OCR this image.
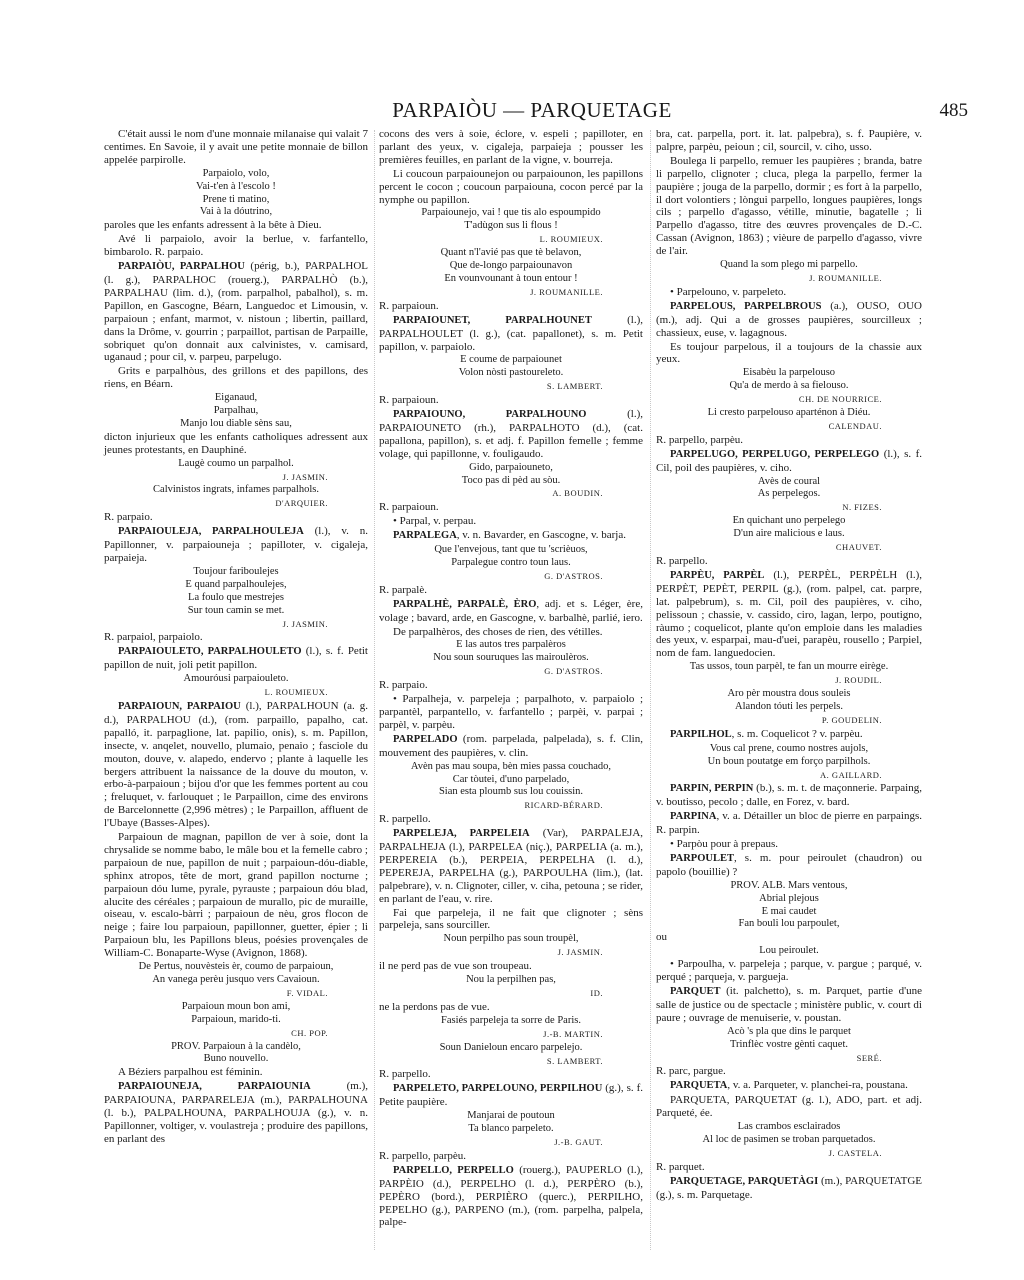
PARPAIÒU — PARQUETAGE	485
C'était aussi le nom d'une monnaie milanaise qui valait 7 centimes. En Savoie, il y avait une petite monnaie de billon appelée parpirolle.
Parpaiolo, volo,
Vai-t'en à l'escolo !
Prene ti matino,
Vai à la dóutrino,
paroles que les enfants adressent à la bête à Dieu.
Avé li parpaiolo, avoir la berlue, v. farfantello, bimbarolo. R. parpaio.
PARPAIÒU, PARPALHOU (périg, b.), PARPALHOL (l. g.), PARPALHOC (rouerg.), PARPALHÒ (b.), PARPALHAU (lim. d.), (rom. parpalhol, pabalhol), s. m. Papillon, en Gascogne, Béarn, Languedoc et Limousin, v. parpaioun ; enfant, marmot, v. nistoun ; libertin, paillard, dans la Drôme, v. gourrin ; parpaillot, partisan de Parpaille, sobriquet qu'on donnait aux calvinistes, v. camisard, uganaud ; pour cil, v. parpeu, parpelugo.
Grits e parpalhòus, des grillons et des papillons, des riens, en Béarn.
Eiganaud,
Parpalhau,
Manjo lou diable sèns sau,
dicton injurieux que les enfants catholiques adressent aux jeunes protestants, en Dauphiné.
Laugè coumo un parpalhol.
J. JASMIN.
Calvinistos ingrats, infames parpalhols.
D'ARQUIER.
R. parpaio.
PARPAIOULEJA, PARPALHOULEJA (l.), v. n. Papillonner, v. parpaiouneja ; papilloter, v. cigaleja, parpaieja.
Toujour fariboulejes
E quand parpalhoulejes,
La foulo que mestrejes
Sur toun camin se met.
J. JASMIN.
R. parpaiol, parpaiolo.
PARPAIOULETO, PARPALHOULETO (l.), s. f. Petit papillon de nuit, joli petit papillon.
Amouróusi parpaiouleto.
L. ROUMIEUX.
PARPAIOUN, PARPAIOU (l.), PARPALHOUN (a. g. d.), PARPALHOU (d.), (rom. parpaillo, papalho, cat. papalló, it. parpaglione, lat. papilio, onis), s. m. Papillon, insecte, v. anqelet, nouvello, plumaio, penaio ; fasciole du mouton, douve, v. alapedo, endervo ; plante à laquelle les bergers attribuent la naissance de la douve du mouton, v. erbo-à-parpaioun ; bijou d'or que les femmes portent au cou ; freluquet, v. farlouquet ; le Parpaillon, cime des environs de Barcelonnette (2,996 mètres) ; le Parpaillon, affluent de l'Ubaye (Basses-Alpes).
Parpaioun de magnan, papillon de ver à soie, dont la chrysalide se nomme babo, le mâle bou et la femelle cabro ; parpaioun de nue, papillon de nuit ; parpaioun-dóu-diable, sphinx atropos, tête de mort, grand papillon nocturne ; parpaioun dóu lume, pyrale, pyrauste ; parpaioun dóu blad, alucite des céréales ; parpaioun de murallo, pic de muraille, oiseau, v. escalo-bàrri ; parpaioun de nèu, gros flocon de neige ; faire lou parpaioun, papillonner, guetter, épier ; li Parpaioun blu, les Papillons bleus, poésies provençales de William-C. Bonaparte-Wyse (Avignon, 1868).
De Pertus, nouvèsteis èr, coumo de parpaioun,
An vanega perèu jusquo vers Cavaioun.
F. VIDAL.
Parpaioun moun bon ami,
Parpaioun, marido-ti.
CH. POP.
PROV. Parpaioun à la candèlo,
Buno nouvello.
A Béziers parpalhou est féminin.
PARPAIOUNEJA, PARPAIOUNIA (m.), PARPAIOUNA, PARPARELEJA (m.), PARPALHOUNA (l. b.), PALPALHOUNA, PARPALHOUJA (g.), v. n. Papillonner, voltiger, v. voulastreja ; produire des papillons, en parlant des
cocons des vers à soie, éclore, v. espeli ; papilloter, en parlant des yeux, v. cigaleja, parpaieja ; pousser les premières feuilles, en parlant de la vigne, v. bourreja.
Li coucoun parpaiounejon ou parpaiounon, les papillons percent le cocon ; coucoun parpaiouna, cocon percé par la nymphe ou papillon.
Parpaiounejo, vai ! que tis alo espoumpido
T'adùgon sus li flous !
L. ROUMIEUX.
Quant n'l'avié pas que tè belavon,
Que de-longo parpaiounavon
En vounvounant à toun entour !
J. ROUMANILLE.
R. parpaioun.
PARPAIOUNET, PARPALHOUNET (l.), PARPALHOULET (l. g.), (cat. papallonet), s. m. Petit papillon, v. parpaiolo.
E coume de parpaiounet
Volon nòsti pastoureleto.
S. LAMBERT.
R. parpaioun.
PARPAIOUNO, PARPALHOUNO (l.), PARPAIOUNETO (rh.), PARPALHOTO (d.), (cat. papallona, papillon), s. et adj. f. Papillon femelle ; femme volage, qui papillonne, v. fouligaudo.
Gido, parpaiouneto,
Toco pas di pèd au sòu.
A. BOUDIN.
R. parpaioun.
• Parpal, v. perpau.
PARPALEGA, v. n. Bavarder, en Gascogne, v. barja.
Que l'envejous, tant que tu 'scrièuos,
Parpalegue contro toun laus.
G. D'ASTROS.
R. parpalè.
PARPALHÈ, PARPALÈ, ÈRO, adj. et s. Léger, ère, volage ; bavard, arde, en Gascogne, v. barbalhè, parlié, iero.
De parpalhèros, des choses de rien, des vétilles.
E las autos tres parpalèros
Nou soun souruques las mairoulèros.
G. D'ASTROS.
R. parpaio.
• Parpalheja, v. parpeleja ; parpalhoto, v. parpaiolo ; parpantèl, parpantello, v. farfantello ; parpèi, v. parpai ; parpèl, v. parpèu.
PARPELADO (rom. parpelada, palpelada), s. f. Clin, mouvement des paupières, v. clin.
Avèn pas mau soupa, bèn mies passa couchado,
Car tòutei, d'uno parpelado,
Sian esta ploumb sus lou couissin.
RICARD-BÉRARD.
R. parpello.
PARPELEJA, PARPELEIA (Var), PARPALEJA, PARPALHEJA (l.), PARPELEA (niç.), PARPELIA (a. m.), PERPEREIA (b.), PERPEIA, PERPELHA (l. d.), PEPEREJA, PARPELHA (g.), PARPOULHA (lim.), (lat. palpebrare), v. n. Clignoter, ciller, v. ciha, petouna ; se rider, en parlant de l'eau, v. rire.
Fai que parpeleja, il ne fait que clignoter ; sèns parpeleja, sans sourciller.
Noun perpilho pas soun troupèl,
J. JASMIN.
il ne perd pas de vue son troupeau.
Nou la perpilhen pas,
ID.
ne la perdons pas de vue.
Fasiés parpeleja ta sorre de Paris.
J.-B. MARTIN.
Soun Danieloun encaro parpelejo.
S. LAMBERT.
R. parpello.
PARPELETO, PARPELOUNO, PERPILHOU (g.), s. f. Petite paupière.
Manjarai de poutoun
Ta blanco parpeleto.
J.-B. GAUT.
R. parpello, parpèu.
PARPELLO, PERPELLO (rouerg.), PAUPERLO (l.), PARPÈIO (d.), PERPELHO (l. d.), PERPÈRO (b.), PEPÈRO (bord.), PERPIÈRO (querc.), PERPILHO, PEPELHO (g.), PARPENO (m.), (rom. parpelha, palpela, palpe-
bra, cat. parpella, port. it. lat. palpebra), s. f. Paupière, v. palpre, parpèu, peioun ; cil, sourcil, v. ciho, usso.
Boulega li parpello, remuer les paupières ; branda, batre li parpello, clignoter ; cluca, plega la parpello, fermer la paupière ; jouga de la parpello, dormir ; es fort à la parpello, il dort volontiers ; lòngui parpello, longues paupières, longs cils ; parpello d'agasso, vétille, minutie, bagatelle ; li Parpello d'agasso, titre des œuvres provençales de D.-C. Cassan (Avignon, 1863) ; vièure de parpello d'agasso, vivre de l'air.
Quand la som plego mi parpello.
J. ROUMANILLE.
• Parpelouno, v. parpeleto.
PARPELOUS, PARPELBROUS (a.), OUSO, OUO (m.), adj. Qui a de grosses paupières, sourcilleux ; chassieux, euse, v. lagagnous.
Es toujour parpelous, il a toujours de la chassie aux yeux.
Eisabèu la parpelouso
Qu'a de merdo à sa fielouso.
CH. DE NOURRICE.
Li cresto parpelouso aparténon à Diéu.
CALENDAU.
R. parpello, parpèu.
PARPELUGO, PERPELUGO, PERPELEGO (l.), s. f. Cil, poil des paupières, v. ciho.
Avès de coural
As perpelegos.
N. FIZES.
En quichant uno perpelego
D'un aire malicious e laus.
CHAUVET.
R. parpello.
PARPÈU, PARPÈL (l.), PERPÈL, PERPÈLH (l.), PERPÈT, PEPÈT, PERPIL (g.), (rom. palpel, cat. parpre, lat. palpebrum), s. m. Cil, poil des paupières, v. ciho, pelissoun ; chassie, v. cassido, ciro, lagan, lerpo, poutigno, ràumo ; coquelicot, plante qu'on emploie dans les maladies des yeux, v. esparpai, mau-d'uei, parapèu, rousello ; Parpiel, nom de fam. languedocien.
Tas ussos, toun parpèl, te fan un mourre eirège.
J. ROUDIL.
Aro pèr moustra dous souleis
Alandon tóuti les perpels.
P. GOUDELIN.
PARPILHOL, s. m. Coquelicot ? v. parpèu.
Vous cal prene, coumo nostres aujols,
Un boun poutatge em forço parpilhols.
A. GAILLARD.
PARPIN, PERPIN (b.), s. m. t. de maçonnerie. Parpaing, v. boutisso, pecolo ; dalle, en Forez, v. bard.
PARPINA, v. a. Détailler un bloc de pierre en parpaings. R. parpin.
• Parpòu pour à prepaus.
PARPOULET, s. m. pour peiroulet (chaudron) ou papolo (bouillie) ?
PROV. ALB. Mars ventous,
Abrial plejous
E mai caudet
Fan bouli lou parpoulet,
ou
Lou peiroulet.
• Parpoulha, v. parpeleja ; parque, v. pargue ; parqué, v. perqué ; parqueja, v. pargueja.
PARQUET (it. palchetto), s. m. Parquet, partie d'une salle de justice ou de spectacle ; ministère public, v. court di paure ; ouvrage de menuiserie, v. poustan.
Acò 's pla que dins le parquet
Trinflèc vostre gènti caquet.
SERÉ.
R. parc, pargue.
PARQUETA, v. a. Parqueter, v. planchei-ra, poustana.
PARQUETA, PARQUETAT (g. l.), ADO, part. et adj. Parqueté, ée.
Las crambos esclairados
Al loc de pasimen se troban parquetados.
J. CASTELA.
R. parquet.
PARQUETAGE, PARQUETÀGI (m.), PARQUETATGE (g.), s. m. Parquetage.
